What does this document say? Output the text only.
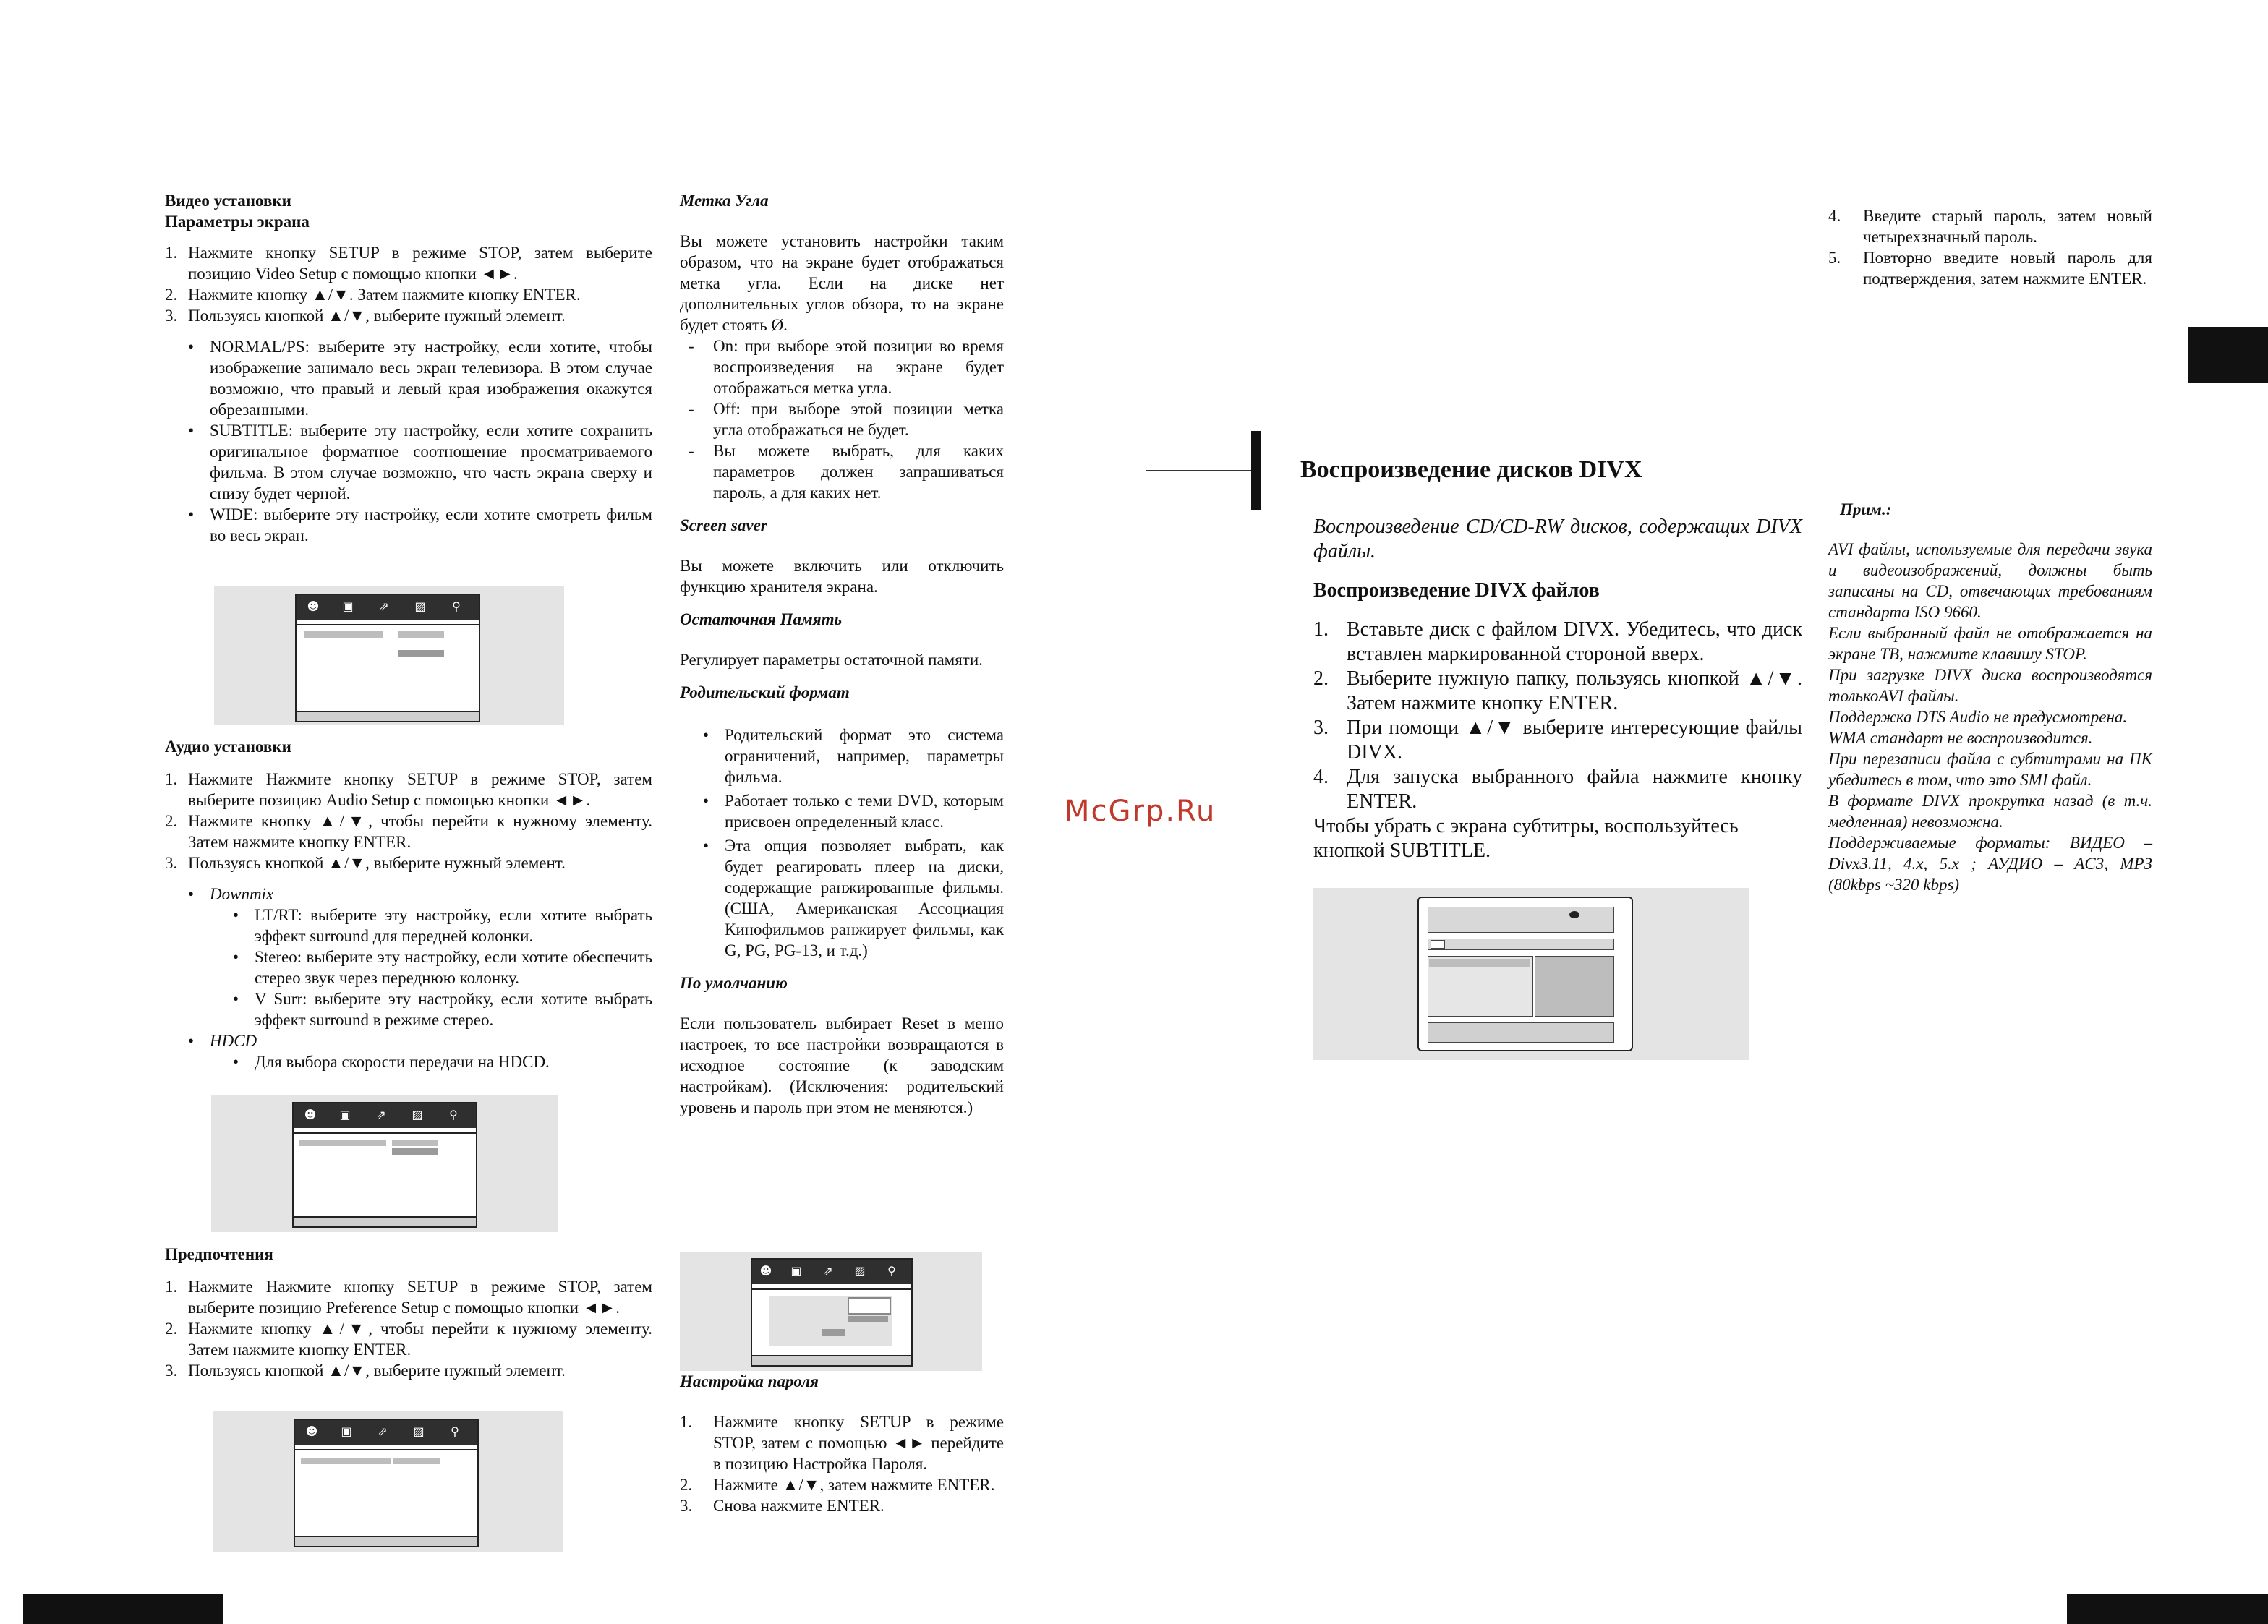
Видео установки

Параметры экрана

1. Нажмите кнопку SETUP в режиме STOP, затем выберите позицию Video Setup с помощью кнопки ◄►.
2. Нажмите кнопку ▲/▼. Затем нажмите кнопку ENTER.
3. Пользуясь кнопкой ▲/▼, выберите нужный элемент.
• NORMAL/PS: выберите эту настройку, если хотите, чтобы изображение занимало весь экран телевизора. В этом случае возможно, что правый и левый края изображения окажутся обрезанными.
• SUBTITLE: выберите эту настройку, если хотите сохранить оригинальное форматное соотношение просматриваемого фильма. В этом случае возможно, что часть экрана сверху и снизу будет черной.
• WIDE: выберите эту настройку, если хотите смотреть фильм во весь экран.
☻ ▣ ⇗ ▨	⚲

Аудио установки

1. Нажмите Нажмите кнопку SETUP в режиме STOP, затем выберите позицию Audio Setup с помощью кнопки ◄►.
2. Нажмите кнопку ▲/▼, чтобы перейти к нужному элементу. Затем нажмите кнопку ENTER.
3. Пользуясь кнопкой ▲/▼, выберите нужный элемент.
• Downmix
• LT/RT: выберите эту настройку, если хотите выбрать эффект surround для передней колонки.
• Stereo: выберите эту настройку, если хотите обеспечить стерео звук через переднюю колонку.
• V Surr: выберите эту настройку, если хотите выбрать эффект surround в режиме стерео.
• HDCD
• Для выбора скорости передачи на HDCD.
☻ ▣ ⇗ ▨	⚲

Предпочтения

1. Нажмите Нажмите кнопку SETUP в режиме STOP, затем выберите позицию Preference Setup с помощью кнопки ◄►.
2. Нажмите кнопку ▲/▼, чтобы перейти к нужному элементу. Затем нажмите кнопку ENTER.
3. Пользуясь кнопкой ▲/▼, выберите нужный элемент.
☻ ▣ ⇗ ▨	⚲

Метка Угла

Вы можете установить настройки таким образом, что на экране будет отображаться метка угла. Если на диске нет дополнительных углов обзора, то на экране будет стоять Ø.

- On: при выборе этой позиции во время воспроизведения на экране будет отображаться метка угла.
- Off: при выборе этой позиции метка угла отображаться не будет.
- Вы можете выбрать, для каких параметров должен запрашиваться пароль, а для каких нет.

Screen saver

Вы можете включить или отключить функцию хранителя экрана.

Остаточная Память

Регулирует параметры остаточной памяти.

Родительский формат

• Родительский формат это система ограничений, например, параметры фильма.
• Работает только с теми DVD, которым присвоен определенный класс.
• Эта опция позволяет выбрать, как будет реагировать плеер на диски, содержащие ранжированные фильмы. (США, Американская Ассоциация Кинофильмов ранжирует фильмы, как G, PG, PG-13, и т.д.)

По умолчанию

Если пользователь выбирает Reset в меню настроек, то все настройки возвращаются в исходное состояние (к заводским настройкам). (Исключения: родительский уровень и пароль при этом не меняются.)

☻ ▣ ⇗ ▨	⚲

Настройка пароля

1. Нажмите кнопку SETUP в режиме STOP, затем с помощью ◄► перейдите в позицию Настройка Пароля.
2. Нажмите ▲/▼, затем нажмите ENTER.
3. Снова нажмите ENTER.
McGrp.Ru
4. Введите старый пароль, затем новый четырехзначный пароль.
5. Повторно введите новый пароль для подтверждения, затем нажмите ENTER.
Воспроизведение дисков DIVX

Воспроизведение CD/CD-RW дисков, содержащих DIVX файлы.

Воспроизведение DIVX файлов

1. Вставьте диск с файлом DIVX. Убедитесь, что диск вставлен маркированной стороной вверх.
2. Выберите нужную папку, пользуясь кнопкой ▲/▼. Затем нажмите кнопку ENTER.
3. При помощи ▲/▼ выберите интересующие файлы DIVX.
4. Для запуска выбранного файла нажмите кнопку ENTER.

Чтобы убрать с экрана субтитры, воспользуйтесь кнопкой SUBTITLE.

Прим.:

AVI файлы, используемые для передачи звука и видеоизображений, должны быть записаны на CD, отвечающих требованиям стандарта ISO 9660.

Если выбранный файл не отображается на экране ТВ, нажмите клавишу STOP.

При загрузке DIVX диска воспроизводятся толькоAVI файлы.

Поддержка DTS Audio не предусмотрена.

WMA стандарт не воспроизводится.

При перезаписи файла с субтитрами на ПК убедитесь в том, что это SMI файл.

В формате DIVX прокрутка назад (в т.ч. медленная) невозможна.

Поддерживаемые форматы: ВИДЕО – Divx3.11, 4.x, 5.x ; АУДИО – AC3, MP3 (80kbps ~320 kbps)
